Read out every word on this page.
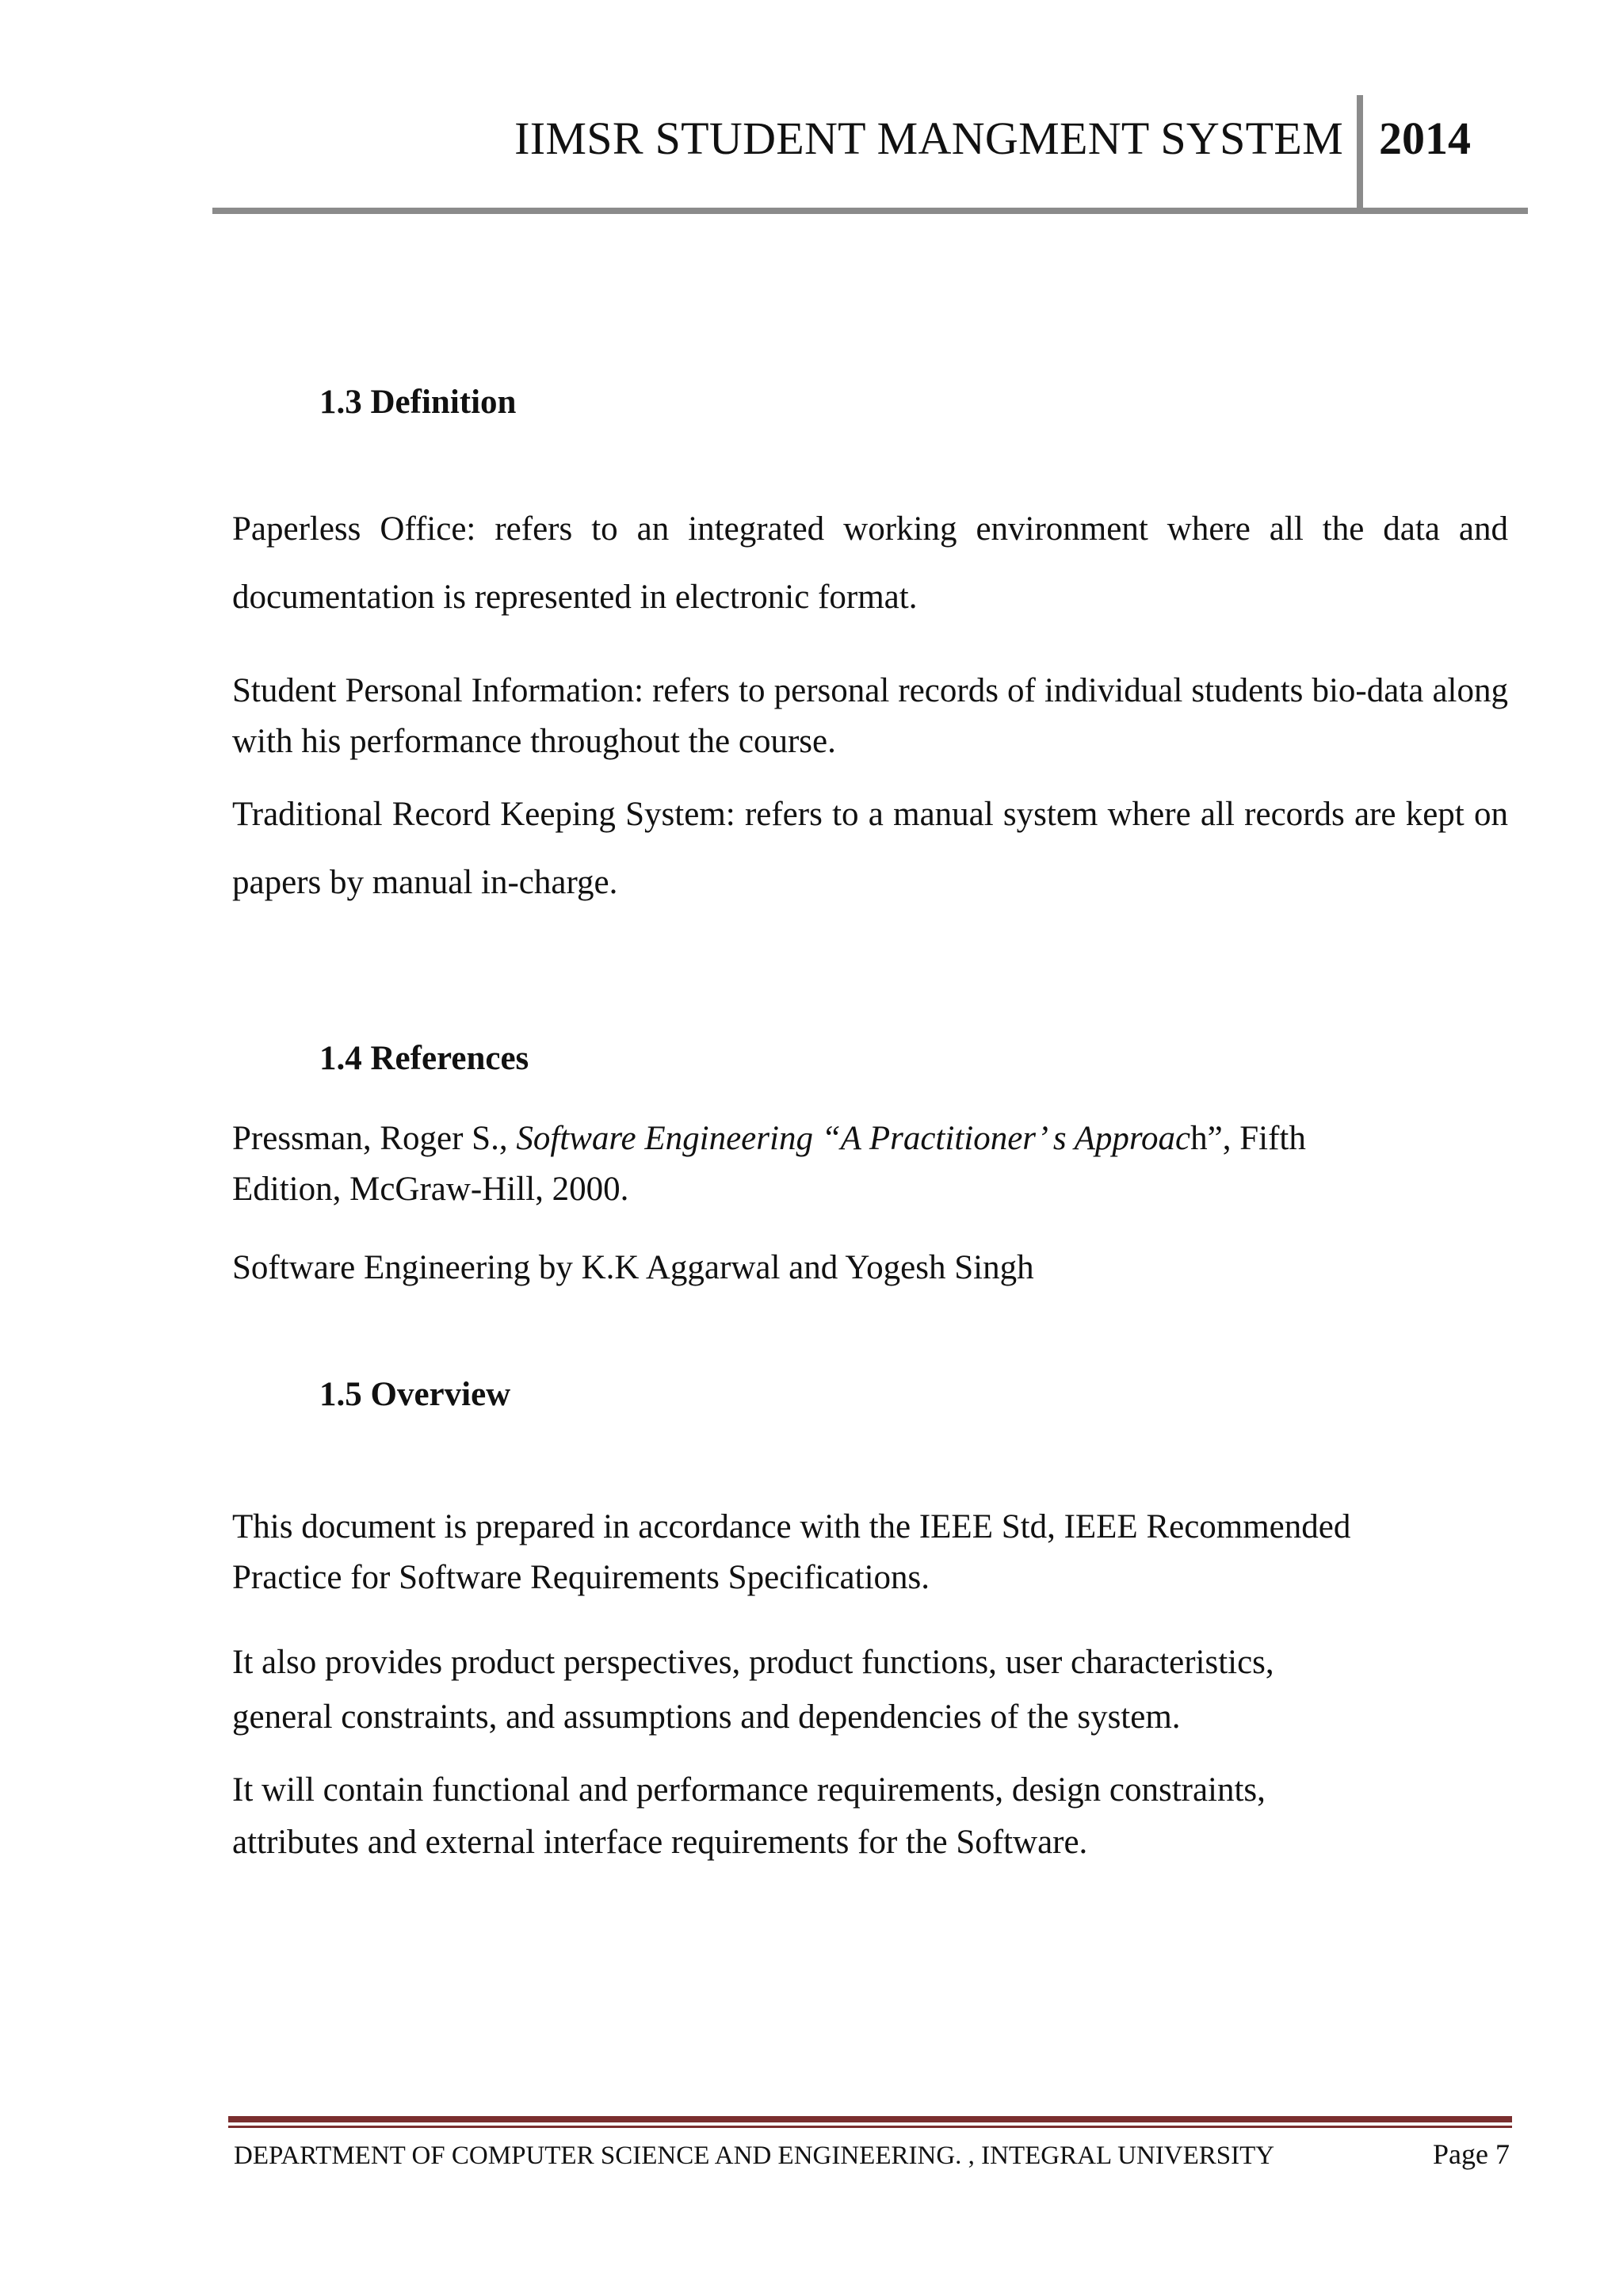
IIMSR STUDENT MANGMENT SYSTEM 2014
1.3 Definition

Paperless Office: refers to an integrated working environment where all the data and documentation is represented in electronic format.

Student Personal Information: refers to personal records of individual students bio-data along with his performance throughout the course.

Traditional Record Keeping System: refers to a manual system where all records are kept on papers by manual in-charge.

1.4 References
Pressman, Roger S., Software Engineering “A Practitioner’ s Approach”, Fifth
Edition, McGraw-Hill, 2000.

Software Engineering by K.K Aggarwal and Yogesh Singh

1.5 Overview
This document is prepared in accordance with the IEEE Std, IEEE Recommended
Practice for Software Requirements Specifications.
It also provides product perspectives, product functions, user characteristics,
general constraints, and assumptions and dependencies of the system.
It will contain functional and performance requirements, design constraints,
attributes and external interface requirements for the Software.
DEPARTMENT OF COMPUTER SCIENCE AND ENGINEERING. , INTEGRAL UNIVERSITY	Page 7
